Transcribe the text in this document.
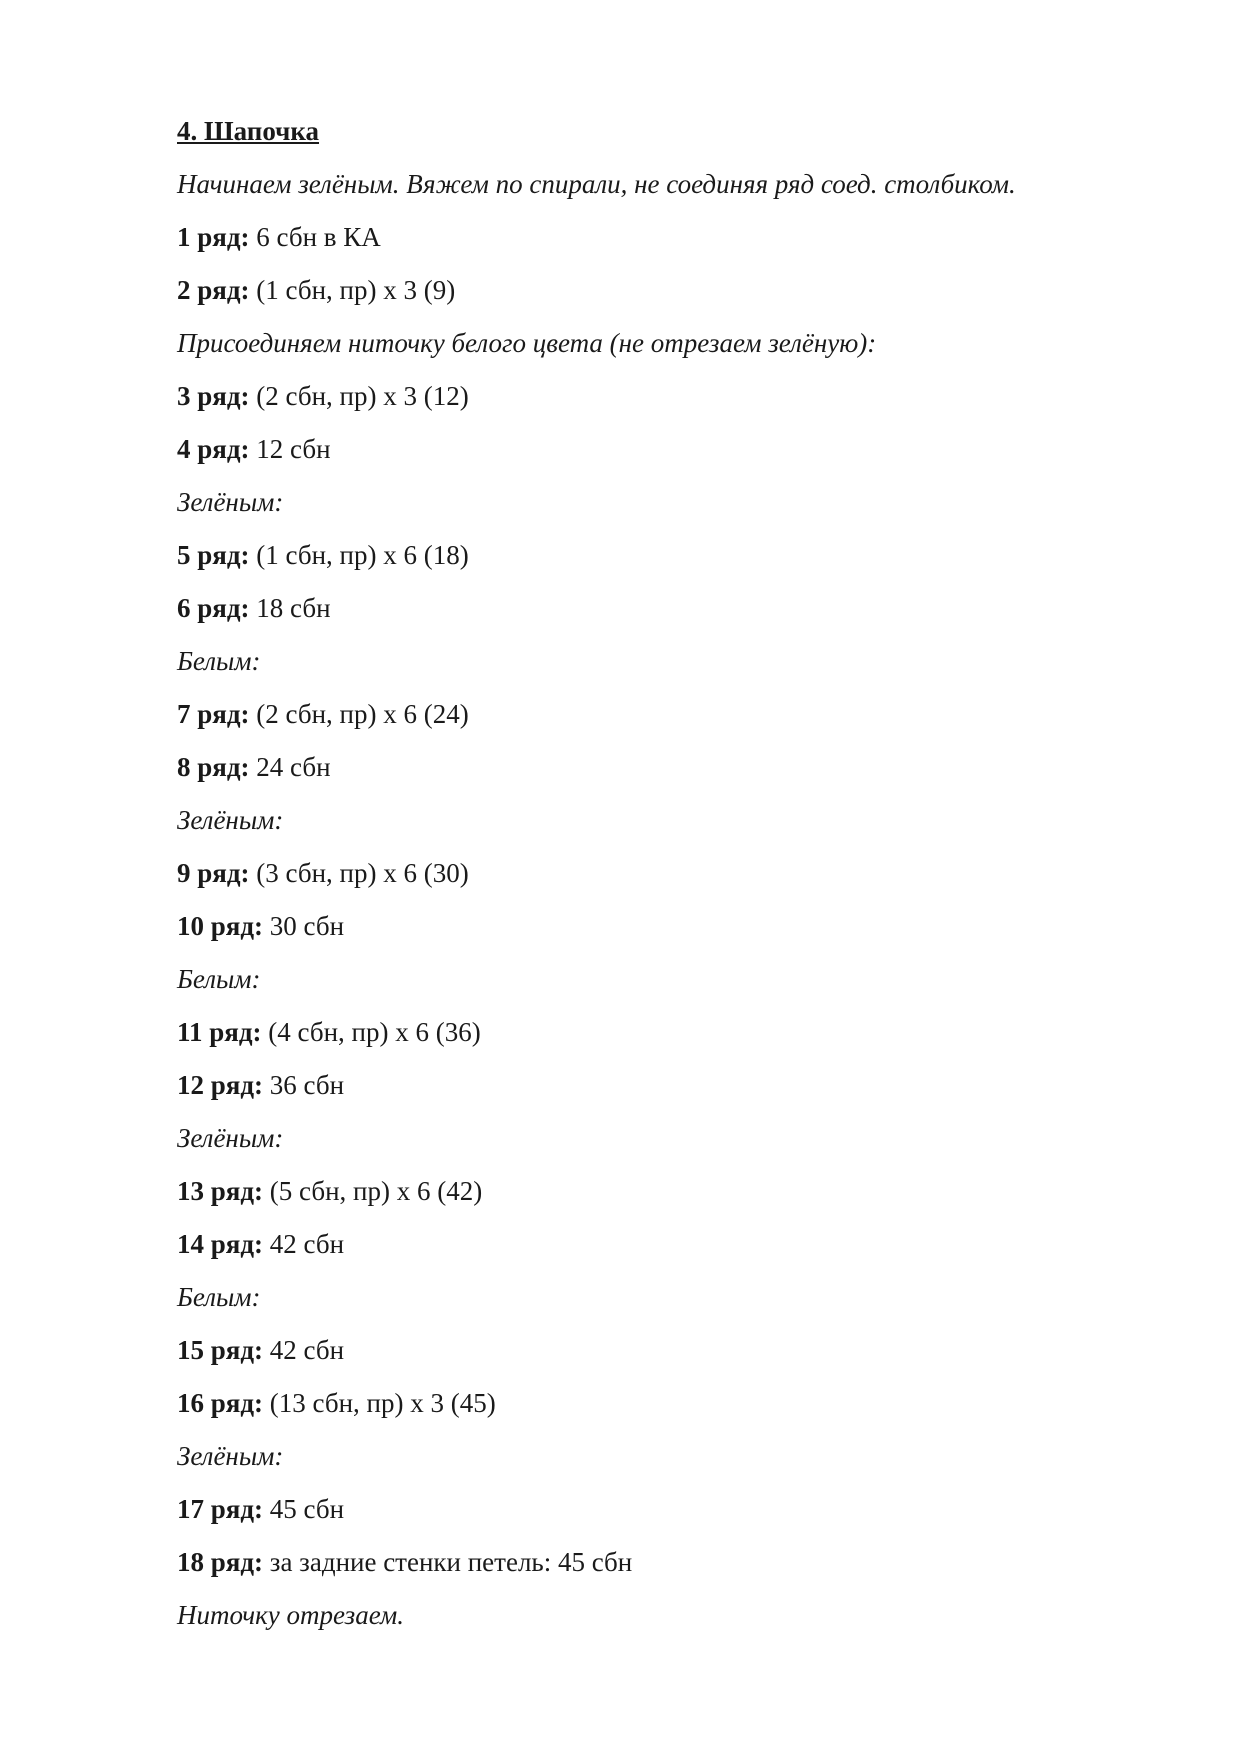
4. Шапочка
Начинаем зелёным. Вяжем по спирали, не соединяя ряд соед. столбиком.
1 ряд: 6 сбн в КА
2 ряд: (1 сбн, пр) х 3 (9)
Присоединяем ниточку белого цвета (не отрезаем зелёную):
3 ряд: (2 сбн, пр) х 3 (12)
4 ряд: 12 сбн
Зелёным:
5 ряд: (1 сбн, пр) х 6 (18)
6 ряд: 18 сбн
Белым:
7 ряд: (2 сбн, пр) х 6 (24)
8 ряд: 24 сбн
Зелёным:
9 ряд: (3 сбн, пр) х 6 (30)
10 ряд: 30 сбн
Белым:
11 ряд: (4 сбн, пр) х 6 (36)
12 ряд: 36 сбн
Зелёным:
13 ряд: (5 сбн, пр) х 6 (42)
14 ряд: 42 сбн
Белым:
15 ряд: 42 сбн
16 ряд: (13 сбн, пр) х 3 (45)
Зелёным:
17 ряд: 45 сбн
18 ряд: за задние стенки петель: 45 сбн
Ниточку отрезаем.
